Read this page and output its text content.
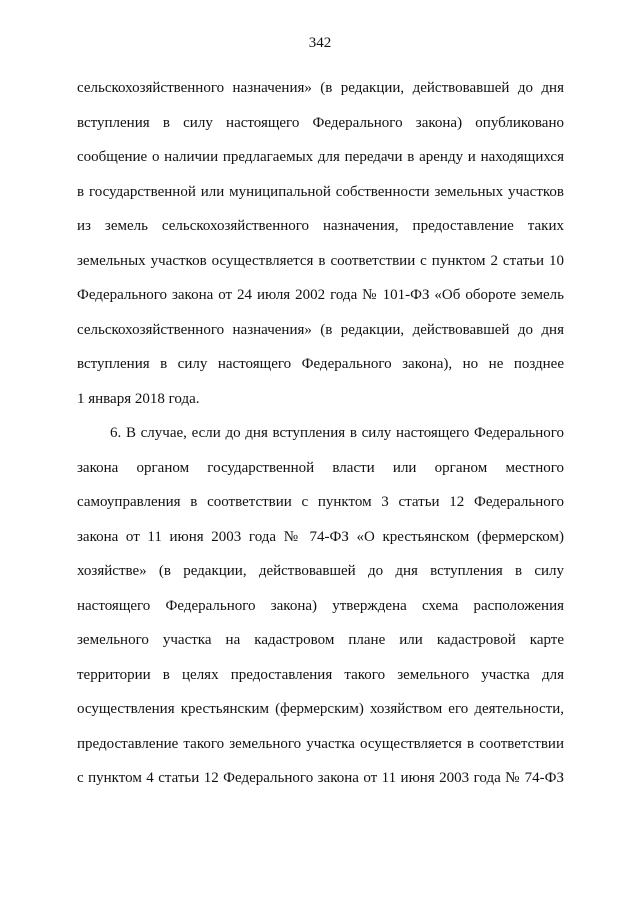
342
сельскохозяйственного назначения» (в редакции, действовавшей до дня
вступления в силу настоящего Федерального закона) опубликовано
сообщение о наличии предлагаемых для передачи в аренду и находящихся
в государственной или муниципальной собственности земельных участков
из земель сельскохозяйственного назначения, предоставление таких
земельных участков осуществляется в соответствии с пунктом 2 статьи 10
Федерального закона от 24 июля 2002 года № 101-ФЗ «Об обороте земель
сельскохозяйственного назначения» (в редакции, действовавшей до дня
вступления в силу настоящего Федерального закона), но не позднее
1 января 2018 года.
6. В случае, если до дня вступления в силу настоящего Федерального
закона органом государственной власти или органом местного
самоуправления в соответствии с пунктом 3 статьи 12 Федерального
закона от 11 июня 2003 года № 74-ФЗ «О крестьянском (фермерском)
хозяйстве» (в редакции, действовавшей до дня вступления в силу
настоящего Федерального закона) утверждена схема расположения
земельного участка на кадастровом плане или кадастровой карте
территории в целях предоставления такого земельного участка для
осуществления крестьянским (фермерским) хозяйством его деятельности,
предоставление такого земельного участка осуществляется в соответствии
с пунктом 4 статьи 12 Федерального закона от 11 июня 2003 года № 74-ФЗ
